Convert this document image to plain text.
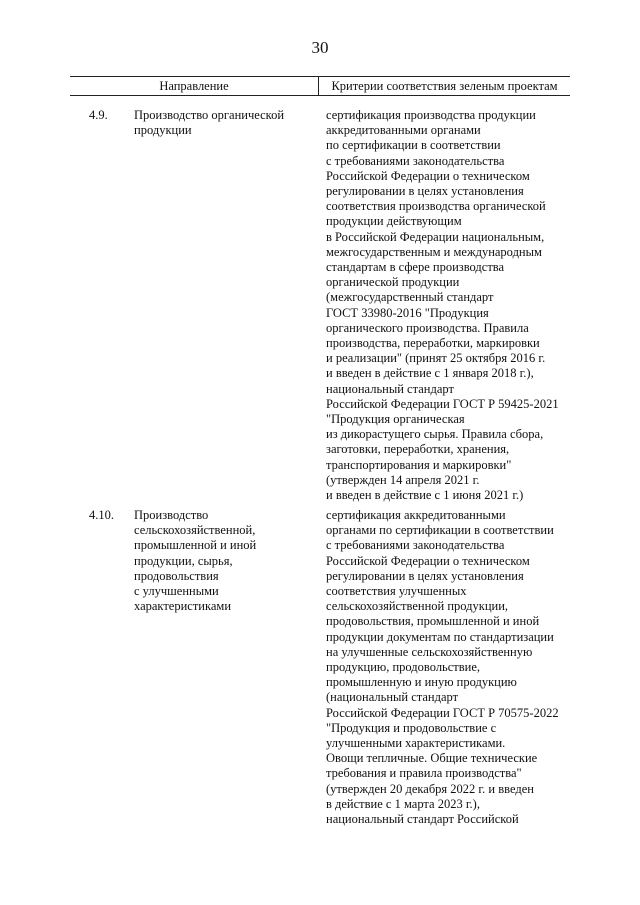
30
Направление	Критерии соответствия зеленым проектам
4.9. Производство органической
продукции
сертификация производства продукции
аккредитованными органами
по сертификации в соответствии
с требованиями законодательства
Российской Федерации о техническом
регулировании в целях установления
соответствия производства органической
продукции действующим
в Российской Федерации национальным,
межгосударственным и международным
стандартам в сфере производства
органической продукции
(межгосударственный стандарт
ГОСТ 33980-2016 "Продукция
органического производства. Правила
производства, переработки, маркировки
и реализации" (принят 25 октября 2016 г.
и введен в действие с 1 января 2018 г.),
национальный стандарт
Российской Федерации ГОСТ Р 59425-2021
"Продукция органическая
из дикорастущего сырья. Правила сбора,
заготовки, переработки, хранения,
транспортирования и маркировки"
(утвержден 14 апреля 2021 г.
и введен в действие с 1 июня 2021 г.)
4.10. Производство
сельскохозяйственной,
промышленной и иной
продукции, сырья,
продовольствия
с улучшенными
характеристиками
сертификация аккредитованными
органами по сертификации в соответствии
с требованиями законодательства
Российской Федерации о техническом
регулировании в целях установления
соответствия улучшенных
сельскохозяйственной продукции,
продовольствия, промышленной и иной
продукции документам по стандартизации
на улучшенные сельскохозяйственную
продукцию, продовольствие,
промышленную и иную продукцию
(национальный стандарт
Российской Федерации ГОСТ Р 70575-2022
"Продукция и продовольствие с
улучшенными характеристиками.
Овощи тепличные. Общие технические
требования и правила производства"
(утвержден 20 декабря 2022 г. и введен
в действие с 1 марта 2023 г.),
национальный стандарт Российской
